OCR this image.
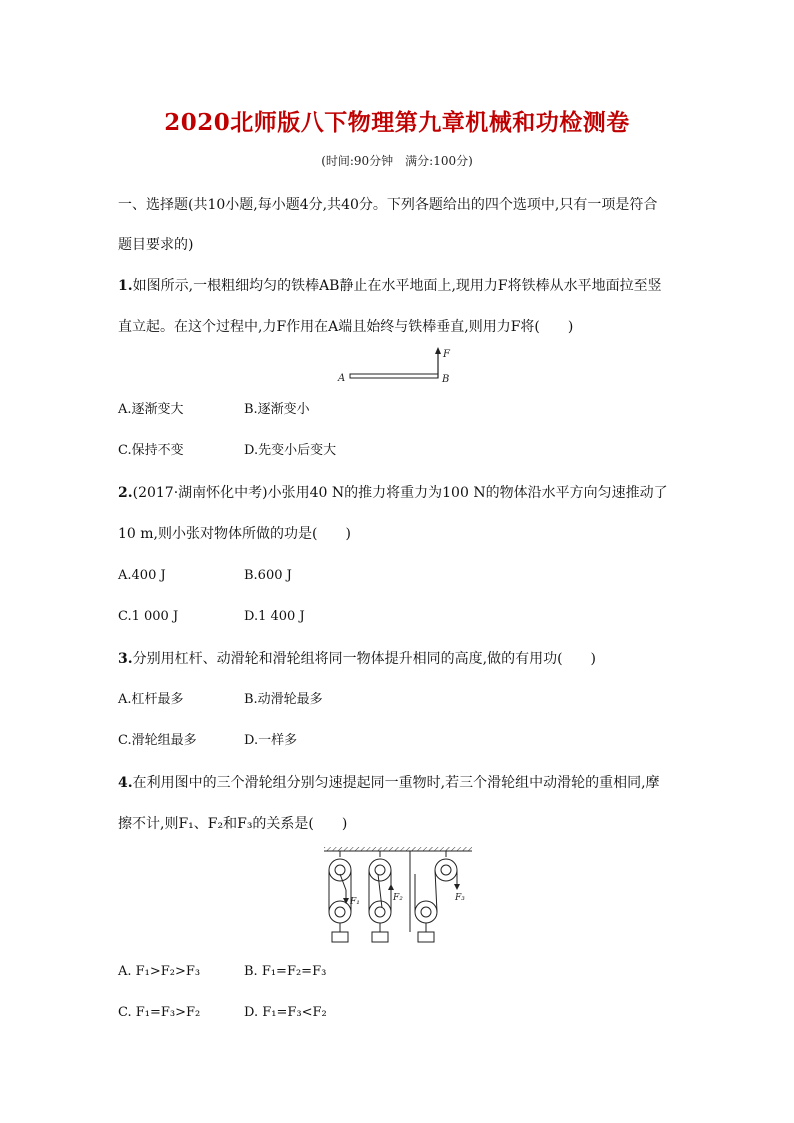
2020北师版八下物理第九章机械和功检测卷
(时间:90分钟　满分:100分)
一、选择题(共10小题,每小题4分,共40分。下列各题给出的四个选项中,只有一项是符合
题目要求的)
1.如图所示,一根粗细均匀的铁棒AB静止在水平地面上,现用力F将铁棒从水平地面拉至竖
直立起。在这个过程中,力F作用在A端且始终与铁棒垂直,则用力F将(　　)
A	B
F
A.逐渐变大	B.逐渐变小
C.保持不变	D.先变小后变大
2.(2017·湖南怀化中考)小张用40 N的推力将重力为100 N的物体沿水平方向匀速推动了
10 m,则小张对物体所做的功是(　　)
A.400 J	B.600 J
C.1 000 J	D.1 400 J
3.分别用杠杆、动滑轮和滑轮组将同一物体提升相同的高度,做的有用功(　　)
A.杠杆最多	B.动滑轮最多
C.滑轮组最多	D.一样多
4.在利用图中的三个滑轮组分别匀速提起同一重物时,若三个滑轮组中动滑轮的重相同,摩
擦不计,则F₁、F₂和F₃的关系是(　　)
F₁	F₂	F₃
A. F₁>F₂>F₃	B. F₁=F₂=F₃
C. F₁=F₃>F₂	D. F₁=F₃<F₂
